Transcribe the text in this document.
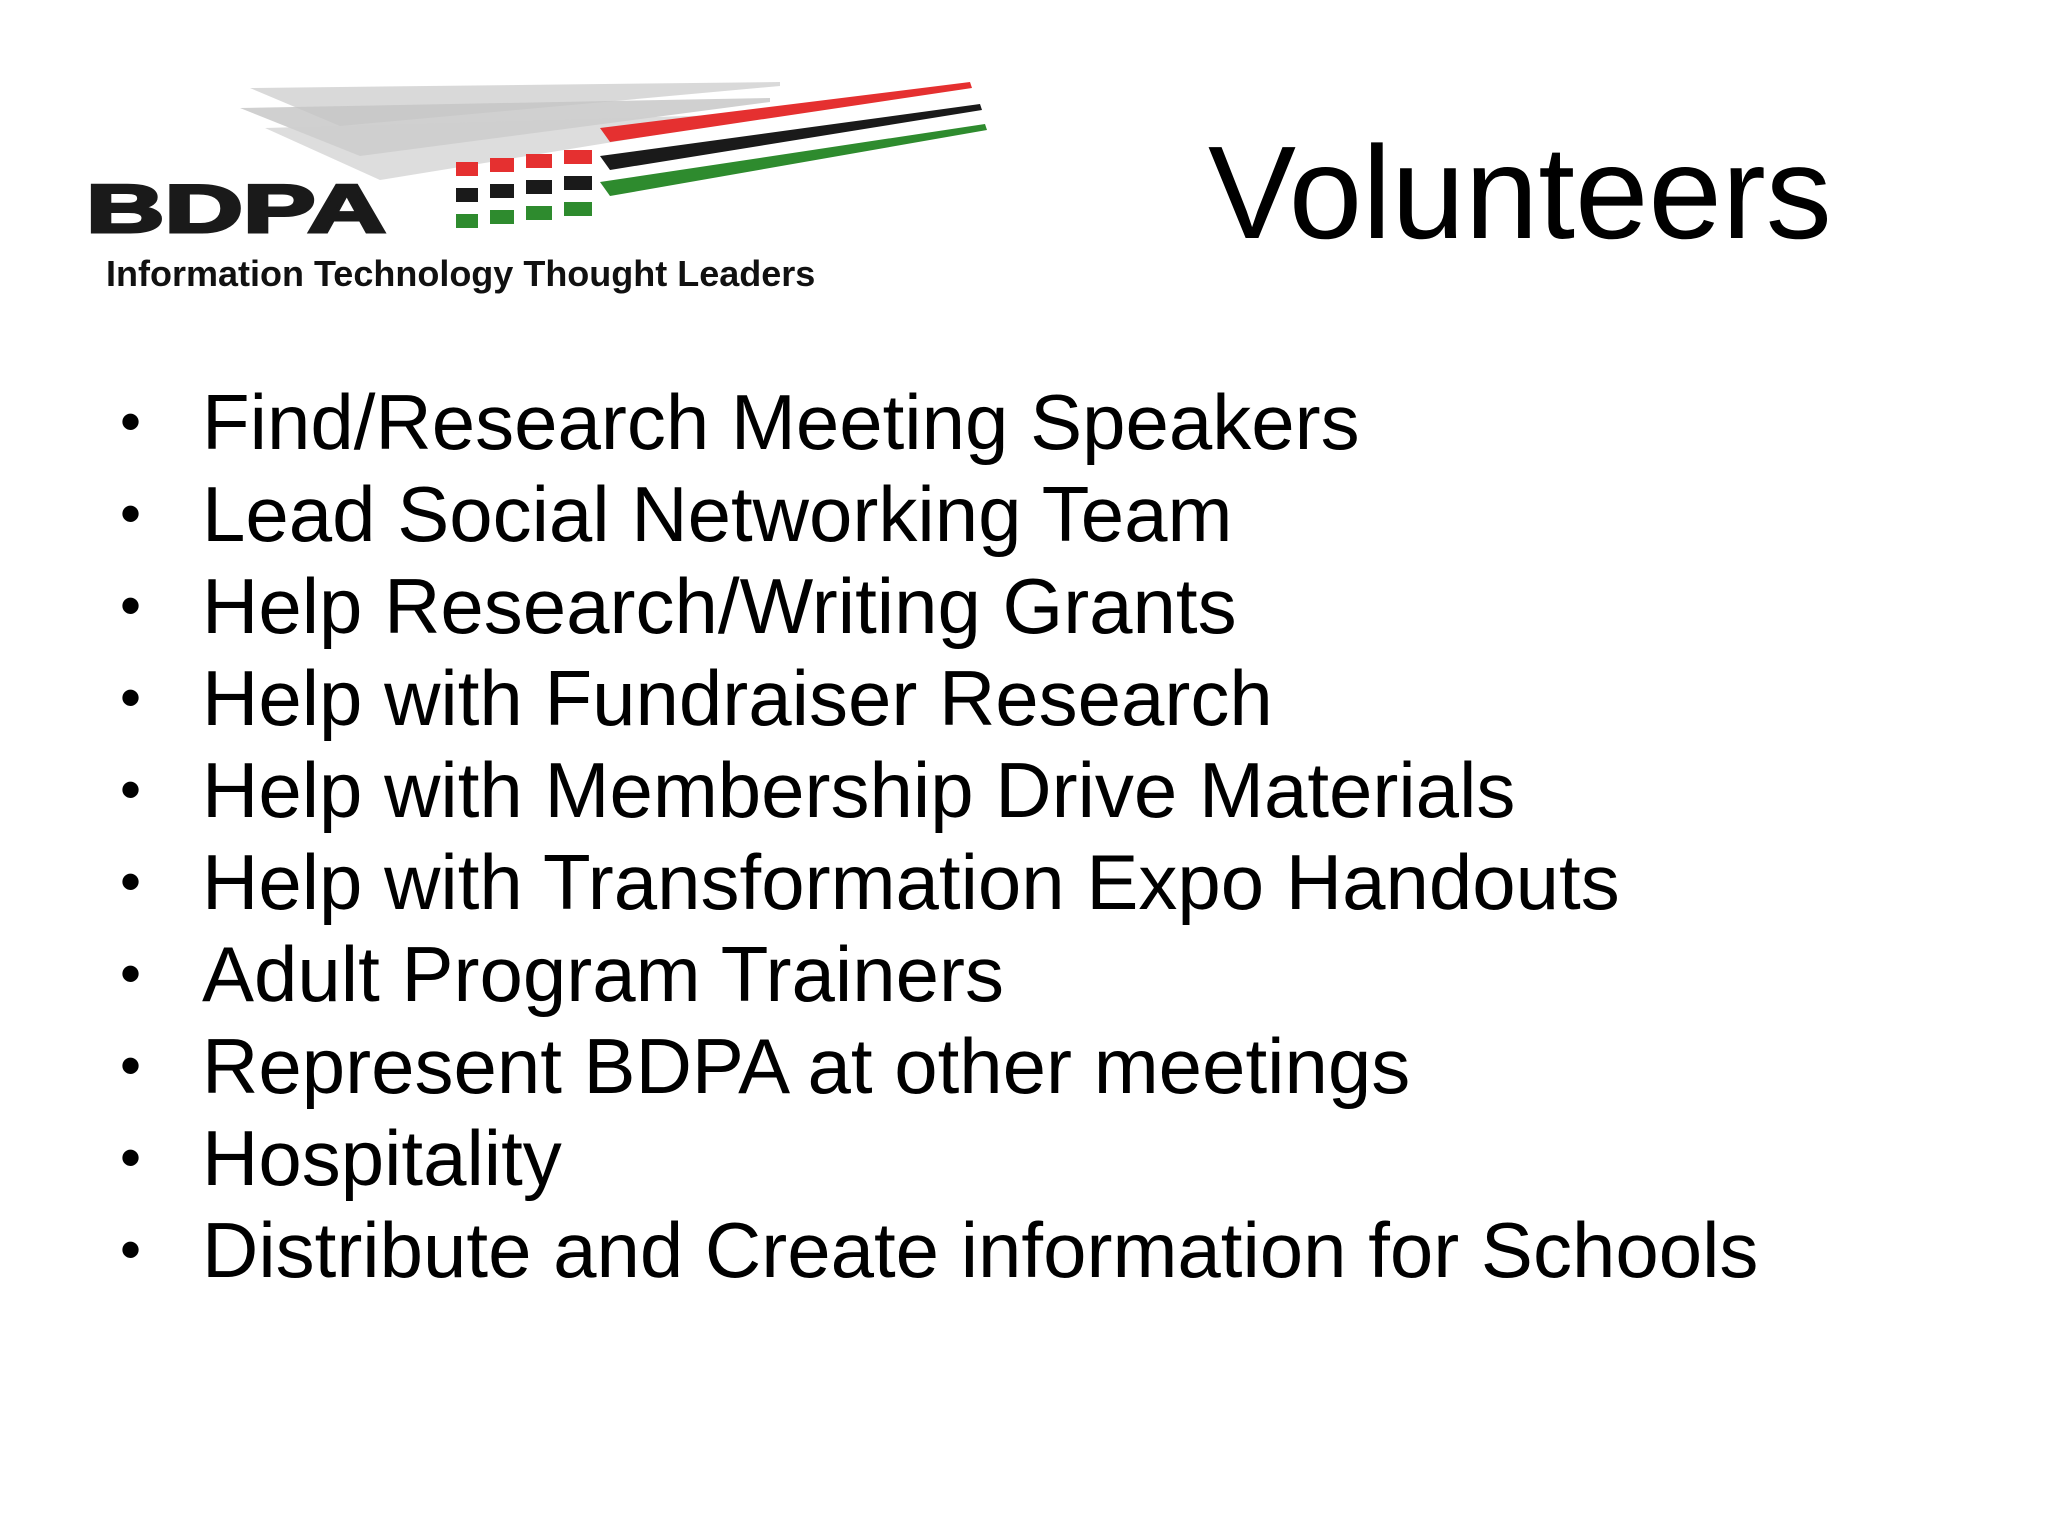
BDPA
Information Technology Thought Leaders
Volunteers
• Find/Research Meeting Speakers
• Lead Social Networking Team
• Help Research/Writing Grants
• Help with Fundraiser Research
• Help with Membership Drive Materials
• Help with Transformation Expo Handouts
• Adult Program Trainers
• Represent BDPA at other meetings
• Hospitality
• Distribute and Create information for Schools
